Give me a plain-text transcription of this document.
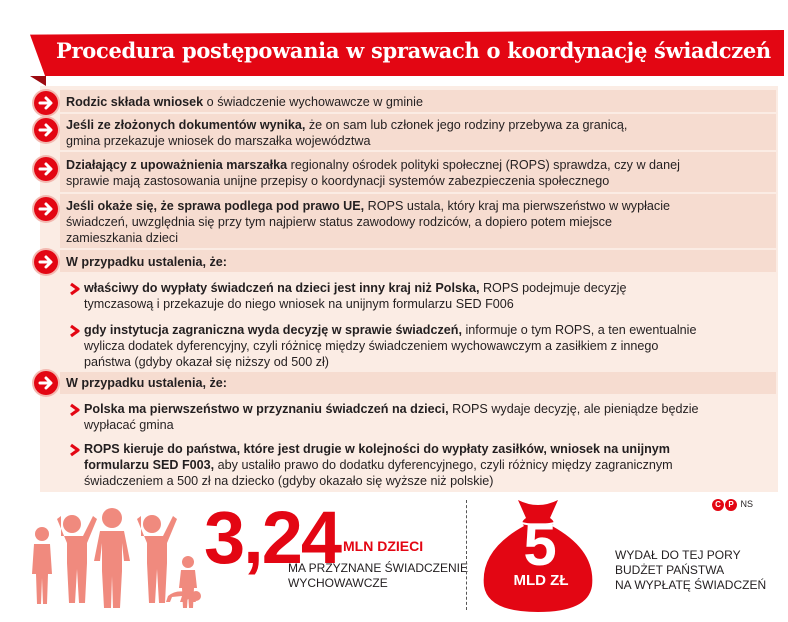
Procedura postępowania w sprawach o koordynację świadczeń
Rodzic składa wniosek o świadczenie wychowawcze w gminie
Jeśli ze złożonych dokumentów wynika, że on sam lub członek jego rodziny przebywa za granicą,
gmina przekazuje wniosek do marszałka województwa
Działający z upoważnienia marszałka regionalny ośrodek polityki społecznej (ROPS) sprawdza, czy w danej
sprawie mają zastosowania unijne przepisy o koordynacji systemów zabezpieczenia społecznego
Jeśli okaże się, że sprawa podlega pod prawo UE, ROPS ustala, który kraj ma pierwszeństwo w wypłacie
świadczeń, uwzględnia się przy tym najpierw status zawodowy rodziców, a dopiero potem miejsce
zamieszkania dzieci
W przypadku ustalenia, że:
właściwy do wypłaty świadczeń na dzieci jest inny kraj niż Polska, ROPS podejmuje decyzję
tymczasową i przekazuje do niego wniosek na unijnym formularzu SED F006
gdy instytucja zagraniczna wyda decyzję w sprawie świadczeń, informuje o tym ROPS, a ten ewentualnie
wylicza dodatek dyferencyjny, czyli różnicę między świadczeniem wychowawczym a zasiłkiem z innego
państwa (gdyby okazał się niższy od 500 zł)
W przypadku ustalenia, że:
Polska ma pierwszeństwo w przyznaniu świadczeń na dzieci, ROPS wydaje decyzję, ale pieniądze będzie
wypłacać gmina
ROPS kieruje do państwa, które jest drugie w kolejności do wypłaty zasiłków, wniosek na unijnym
formularzu SED F003, aby ustaliło prawo do dodatku dyferencyjnego, czyli różnicy między zagranicznym
świadczeniem a 500 zł na dziecko (gdyby okazało się wyższe niż polskie)
3,24 MLN DZIECI
MA PRZYZNANE ŚWIADCZENIE
WYCHOWAWCZE
5
MLD ZŁ
WYDAŁ DO TEJ PORY
BUDŻET PAŃSTWA
NA WYPŁATĘ ŚWIADCZEŃ
C P NS
